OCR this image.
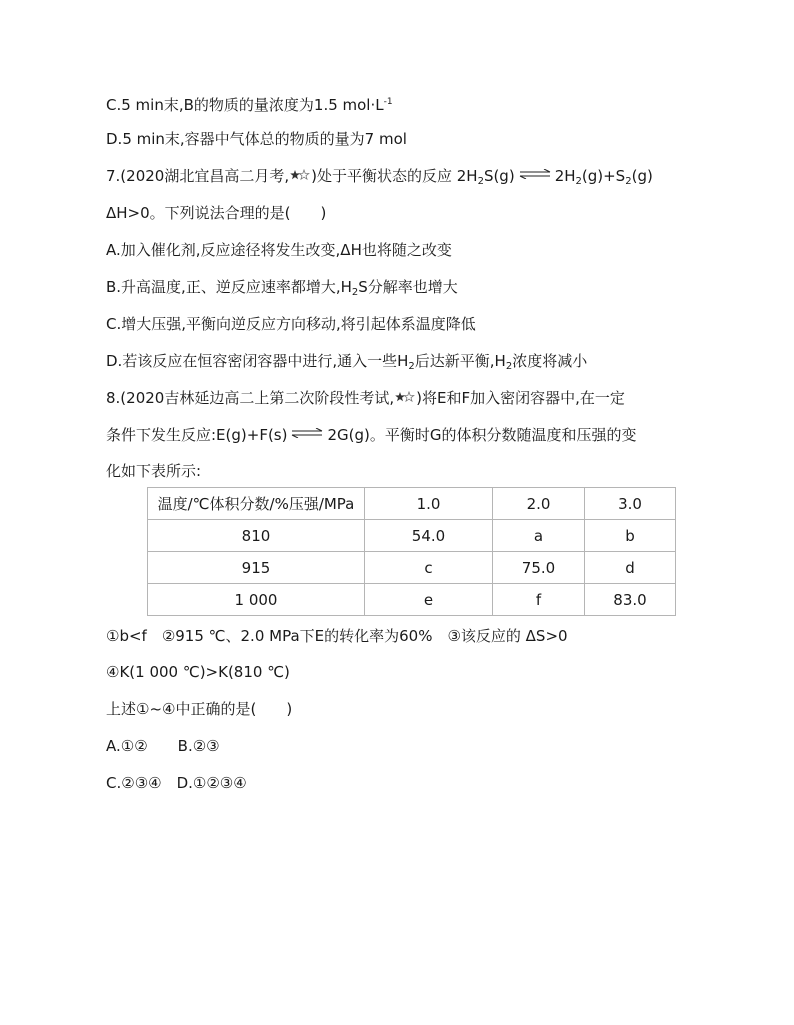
C.5 min末,B的物质的量浓度为1.5 $mol\cdot L^{-1}$
D.5 min末,容器中气体总的物质的量为7 mol
7.(2020湖北宜昌高二月考, )处于平衡状态的反应 $2H_2S(g)$ ⇌ $2H_2(g)+S_2(g)$
ΔH>0。下列说法合理的是(　　)
A.加入催化剂,反应途径将发生改变,ΔH也将随之改变
B.升高温度,正、逆反应速率都增大$,H_2S$分解率也增大
C.增大压强,平衡向逆反应方向移动,将引起体系温度降低
D.若该反应在恒容密闭容器中进行,通入一些$H_2$后达新平衡$,H_2$浓度将减小
8.(2020吉林延边高二上第二次阶段性考试, )将E和F加入密闭容器中,在一定
条件下发生反应:E(g)+F(s) ⇌ 2G(g)。平衡时G的体积分数随温度和压强的变
化如下表所示:
温度/℃体积分数/%压强/MPa	1.0	2.0	3.0
810	54.0	a	b
915	c	75.0	d
1 000	e	f	83.0
①b<f　②915 ℃、2.0 MPa下E的转化率为60%　③该反应的 ΔS>0
④K(1 000 ℃)>K(810 ℃)
上述①~④中正确的是(　　)
A.①②　　B.②③
C.②③④　D.①②③④
